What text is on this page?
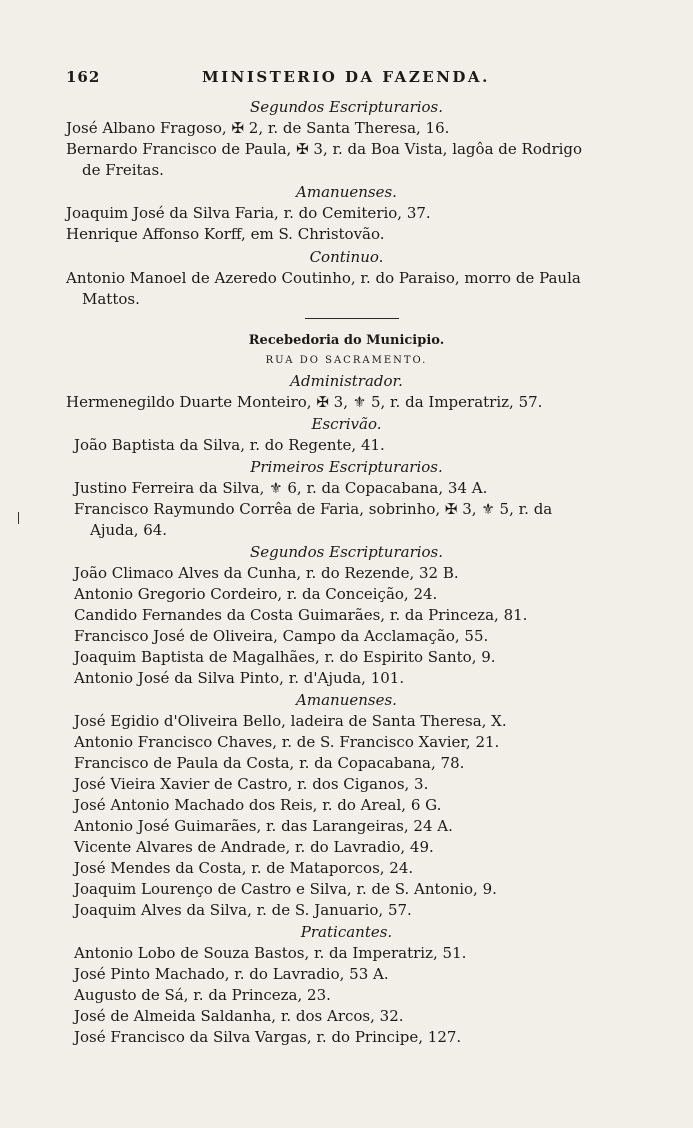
162	MINISTERIO DA FAZENDA.
Segundos Escripturarios.
José Albano Fragoso, ✠ 2, r. de Santa Theresa, 16.
Bernardo Francisco de Paula, ✠ 3, r. da Boa Vista, lagôa de Rodrigo
de Freitas.
Amanuenses.
Joaquim José da Silva Faria, r. do Cemiterio, 37.
Henrique Affonso Korff, em S. Christovão.
Continuo.
Antonio Manoel de Azeredo Coutinho, r. do Paraiso, morro de Paula
Mattos.
Recebedoria do Municipio.
RUA DO SACRAMENTO.
Administrador.
Hermenegildo Duarte Monteiro, ✠ 3, ⚜ 5, r. da Imperatriz, 57.
Escrivão.
João Baptista da Silva, r. do Regente, 41.
Primeiros Escripturarios.
Justino Ferreira da Silva, ⚜ 6, r. da Copacabana, 34 A.
Francisco Raymundo Corrêa de Faria, sobrinho, ✠ 3, ⚜ 5, r. da
Ajuda, 64.
Segundos Escripturarios.
João Climaco Alves da Cunha, r. do Rezende, 32 B.
Antonio Gregorio Cordeiro, r. da Conceição, 24.
Candido Fernandes da Costa Guimarães, r. da Princeza, 81.
Francisco José de Oliveira, Campo da Acclamação, 55.
Joaquim Baptista de Magalhães, r. do Espirito Santo, 9.
Antonio José da Silva Pinto, r. d'Ajuda, 101.
Amanuenses.
José Egidio d'Oliveira Bello, ladeira de Santa Theresa, X.
Antonio Francisco Chaves, r. de S. Francisco Xavier, 21.
Francisco de Paula da Costa, r. da Copacabana, 78.
José Vieira Xavier de Castro, r. dos Ciganos, 3.
José Antonio Machado dos Reis, r. do Areal, 6 G.
Antonio José Guimarães, r. das Larangeiras, 24 A.
Vicente Alvares de Andrade, r. do Lavradio, 49.
José Mendes da Costa, r. de Mataporcos, 24.
Joaquim Lourenço de Castro e Silva, r. de S. Antonio, 9.
Joaquim Alves da Silva, r. de S. Januario, 57.
Praticantes.
Antonio Lobo de Souza Bastos, r. da Imperatriz, 51.
José Pinto Machado, r. do Lavradio, 53 A.
Augusto de Sá, r. da Princeza, 23.
José de Almeida Saldanha, r. dos Arcos, 32.
José Francisco da Silva Vargas, r. do Principe, 127.
